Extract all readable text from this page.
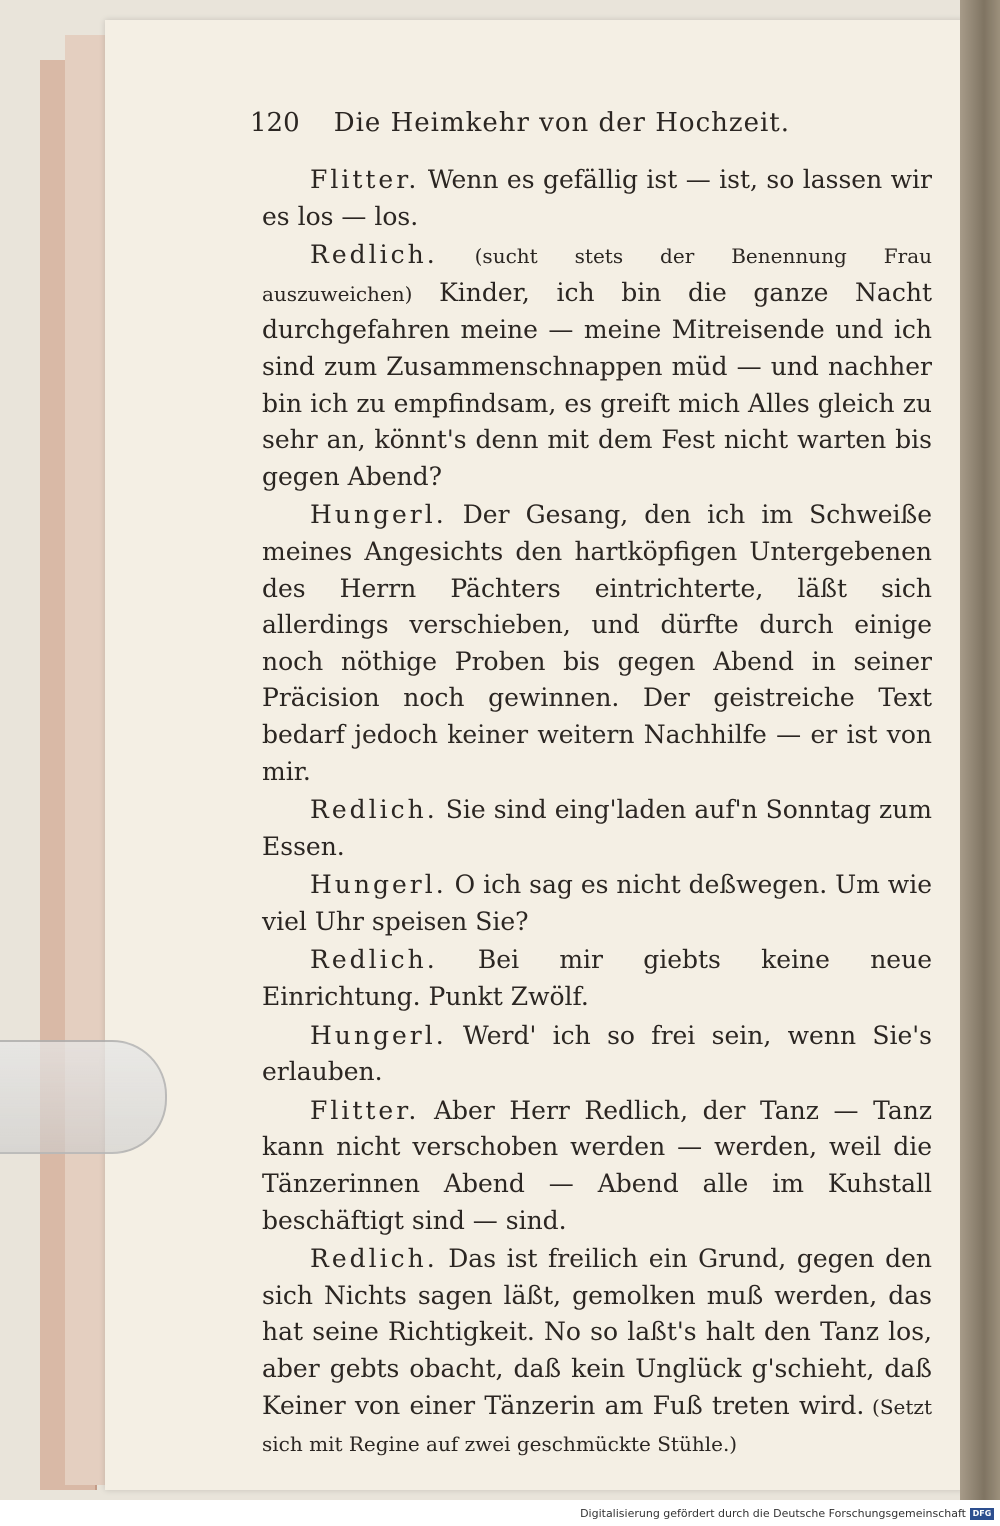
120 Die Heimkehr von der Hochzeit.

Flitter. Wenn es gefällig ist — ist, so lassen wir es los — los.

Redlich. (sucht stets der Benennung Frau auszuweichen) Kinder, ich bin die ganze Nacht durchgefahren meine — meine Mitreisende und ich sind zum Zusammenschnappen müd — und nachher bin ich zu empfindsam, es greift mich Alles gleich zu sehr an, könnt's denn mit dem Fest nicht warten bis gegen Abend?

Hungerl. Der Gesang, den ich im Schweiße meines Angesichts den hartköpfigen Untergebenen des Herrn Pächters eintrichterte, läßt sich allerdings verschieben, und dürfte durch einige noch nöthige Proben bis gegen Abend in seiner Präcision noch gewinnen. Der geistreiche Text bedarf jedoch keiner weitern Nachhilfe — er ist von mir.

Redlich. Sie sind eing'laden auf'n Sonntag zum Essen.

Hungerl. O ich sag es nicht deßwegen. Um wie viel Uhr speisen Sie?

Redlich. Bei mir giebts keine neue Einrichtung. Punkt Zwölf.

Hungerl. Werd' ich so frei sein, wenn Sie's erlauben.

Flitter. Aber Herr Redlich, der Tanz — Tanz kann nicht verschoben werden — werden, weil die Tänzerinnen Abend — Abend alle im Kuhstall beschäftigt sind — sind.

Redlich. Das ist freilich ein Grund, gegen den sich Nichts sagen läßt, gemolken muß werden, das hat seine Richtigkeit. No so laßt's halt den Tanz los, aber gebts obacht, daß kein Unglück g'schieht, daß Keiner von einer Tänzerin am Fuß treten wird. (Setzt sich mit Regine auf zwei geschmückte Stühle.)

Digitalisierung gefördert durch die Deutsche Forschungsgemeinschaft DFG
